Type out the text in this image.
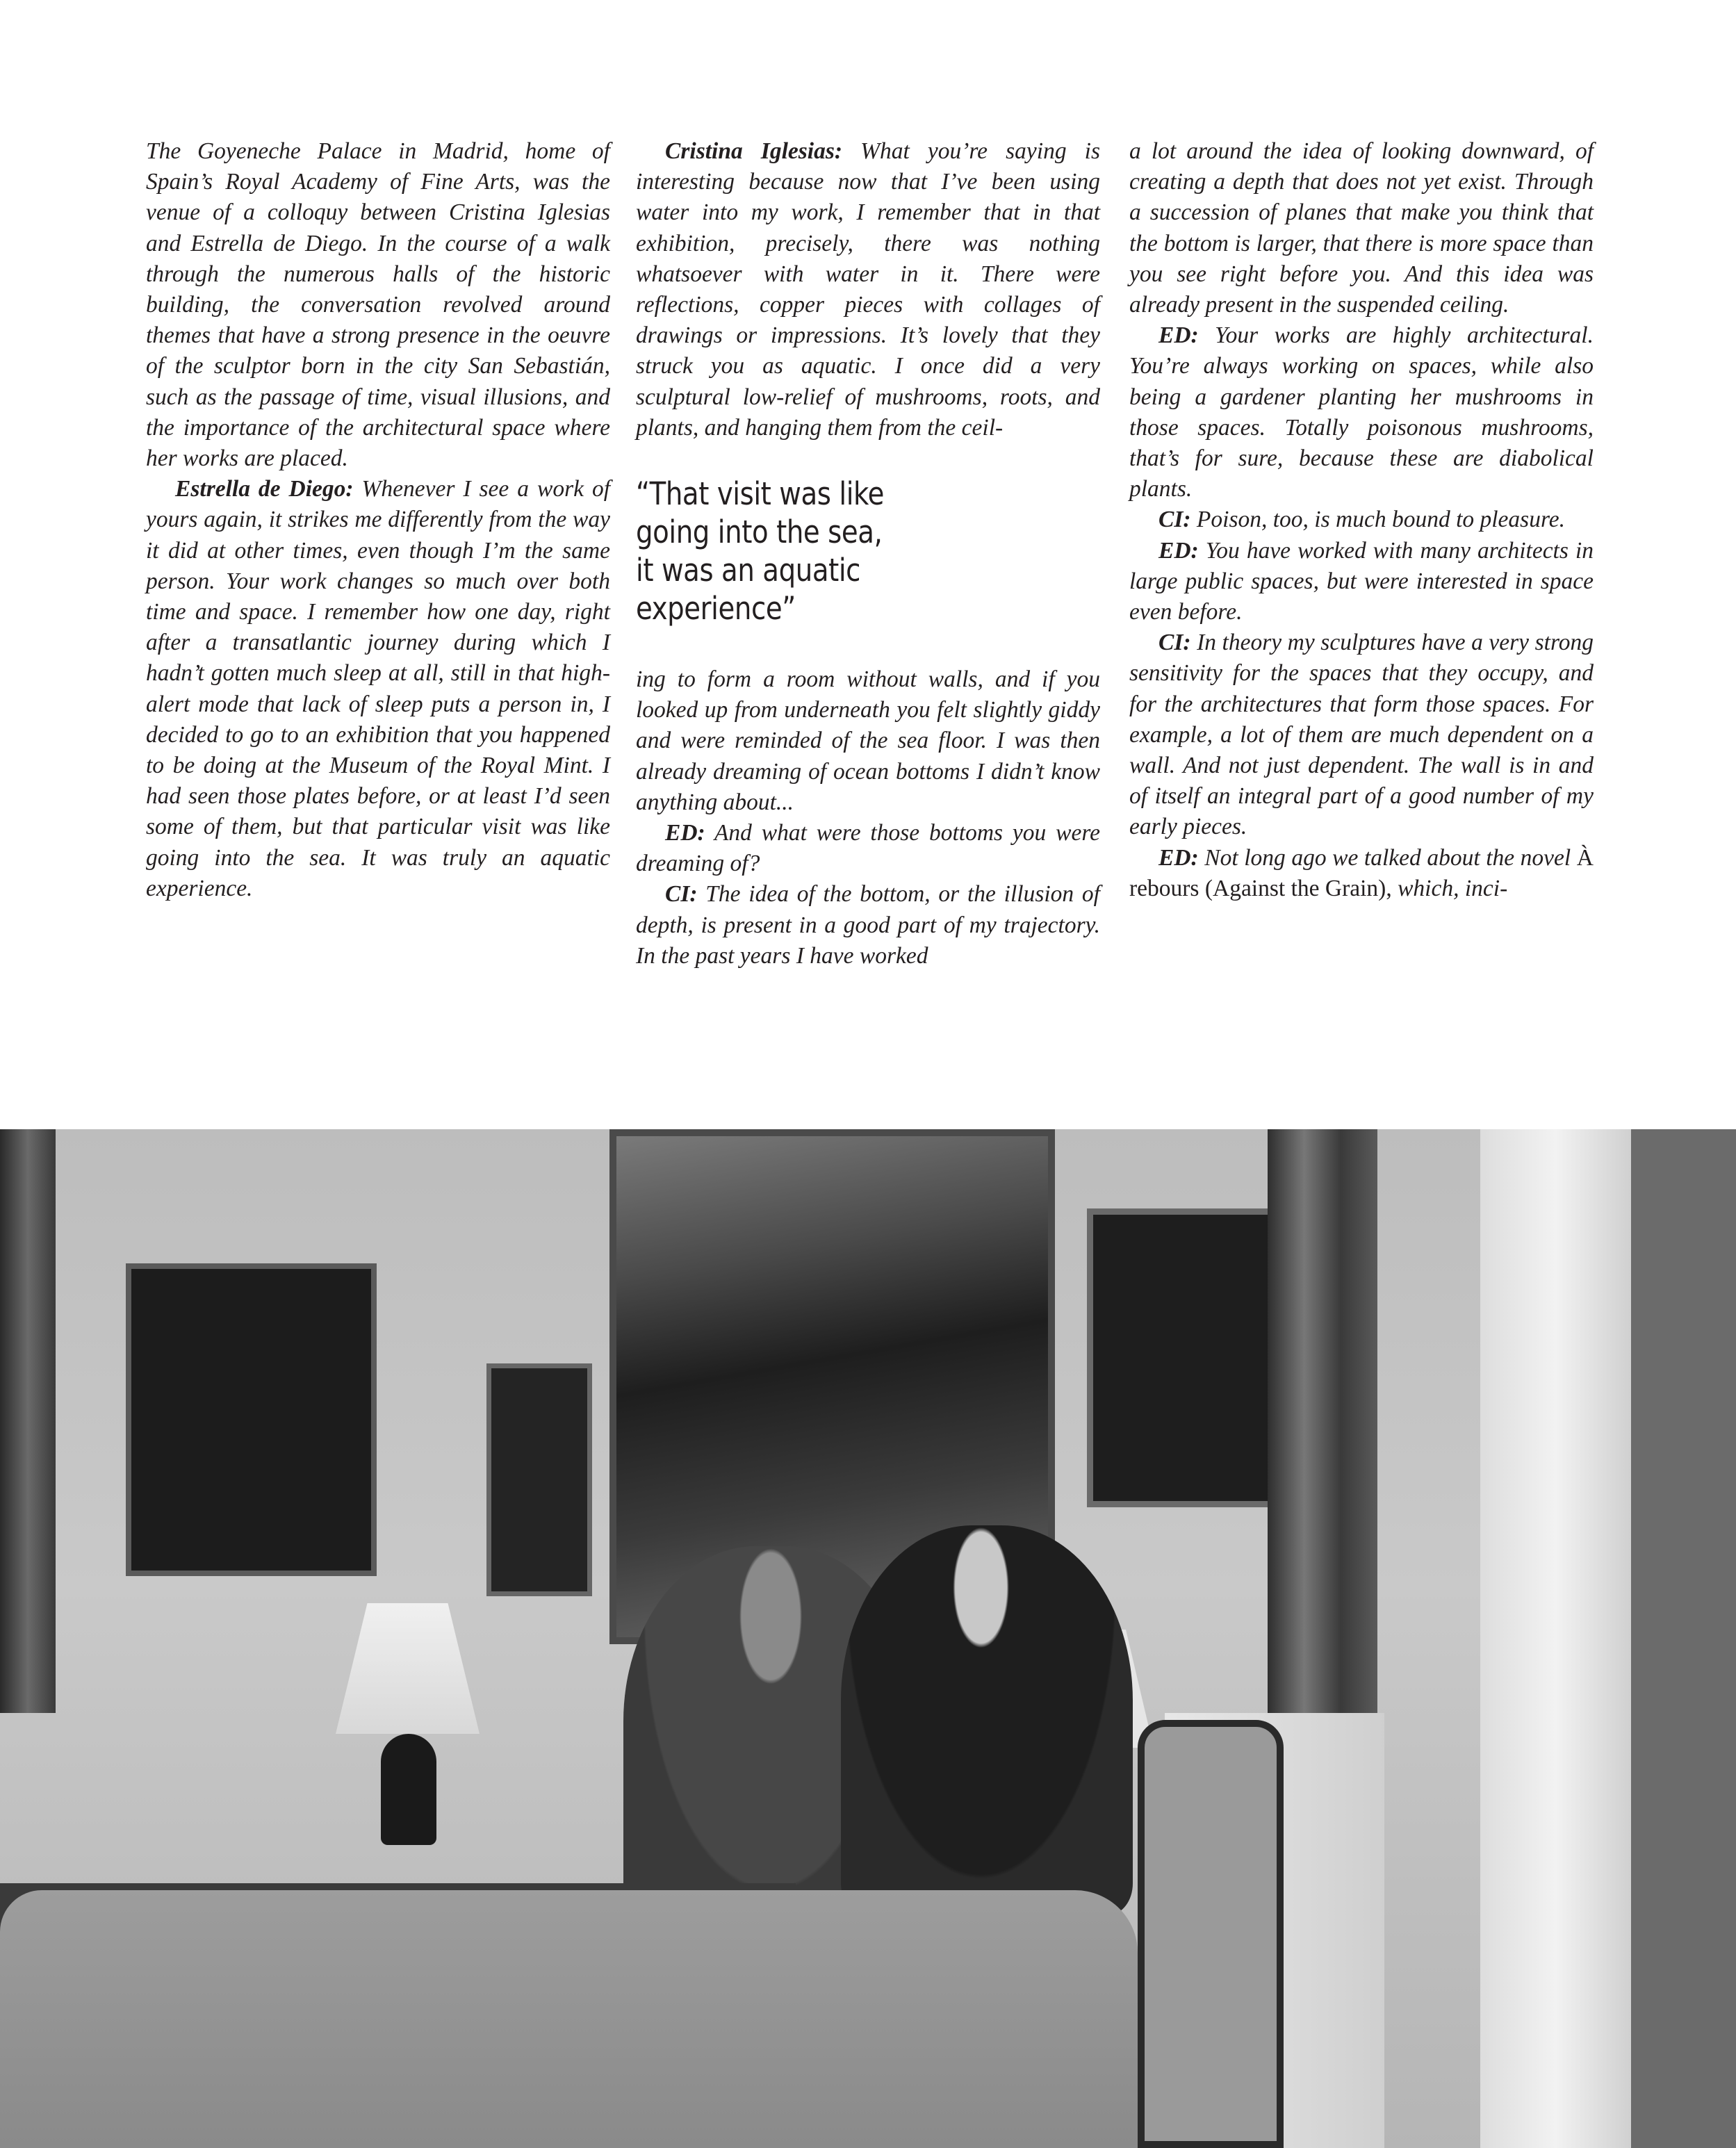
The Goyeneche Palace in Madrid, home of Spain’s Royal Academy of Fine Arts, was the venue of a colloquy between Cristina Iglesias and Estrella de Diego. In the course of a walk through the numerous halls of the historic building, the conversation revolved around themes that have a strong presence in the oeuvre of the sculptor born in the city San Sebastián, such as the passage of time, visual illusions, and the importance of the architectural space where her works are placed.

Estrella de Diego: Whenever I see a work of yours again, it strikes me differently from the way it did at other times, even though I’m the same person. Your work changes so much over both time and space. I remember how one day, right after a transatlantic journey during which I hadn’t gotten much sleep at all, still in that high-alert mode that lack of sleep puts a person in, I decided to go to an exhibition that you happened to be doing at the Museum of the Royal Mint. I had seen those plates before, or at least I’d seen some of them, but that particular visit was like going into the sea. It was truly an aquatic experience.

Cristina Iglesias: What you’re saying is interesting because now that I’ve been using water into my work, I remember that in that exhibition, precisely, there was nothing whatsoever with water in it. There were reflections, copper pieces with collages of drawings or impressions. It’s lovely that they struck you as aquatic. I once did a very sculptural low-relief of mushrooms, roots, and plants, and hanging them from the ceil-

“That visit was like
going into the sea,
it was an aquatic
experience”

ing to form a room without walls, and if you looked up from underneath you felt slightly giddy and were reminded of the sea floor. I was then already dreaming of ocean bottoms I didn’t know anything about...

ED: And what were those bottoms you were dreaming of?

CI: The idea of the bottom, or the illusion of depth, is present in a good part of my trajectory. In the past years I have worked

a lot around the idea of looking downward, of creating a depth that does not yet exist. Through a succession of planes that make you think that the bottom is larger, that there is more space than you see right before you. And this idea was already present in the suspended ceiling.

ED: Your works are highly architectural. You’re always working on spaces, while also being a gardener planting her mushrooms in those spaces. Totally poisonous mushrooms, that’s for sure, because these are diabolical plants.

CI: Poison, too, is much bound to pleasure.

ED: You have worked with many architects in large public spaces, but were interested in space even before.

CI: In theory my sculptures have a very strong sensitivity for the spaces that they occupy, and for the architectures that form those spaces. For example, a lot of them are much dependent on a wall. And not just dependent. The wall is in and of itself an integral part of a good number of my early pieces.

ED: Not long ago we talked about the novel À rebours (Against the Grain), which, inci-
